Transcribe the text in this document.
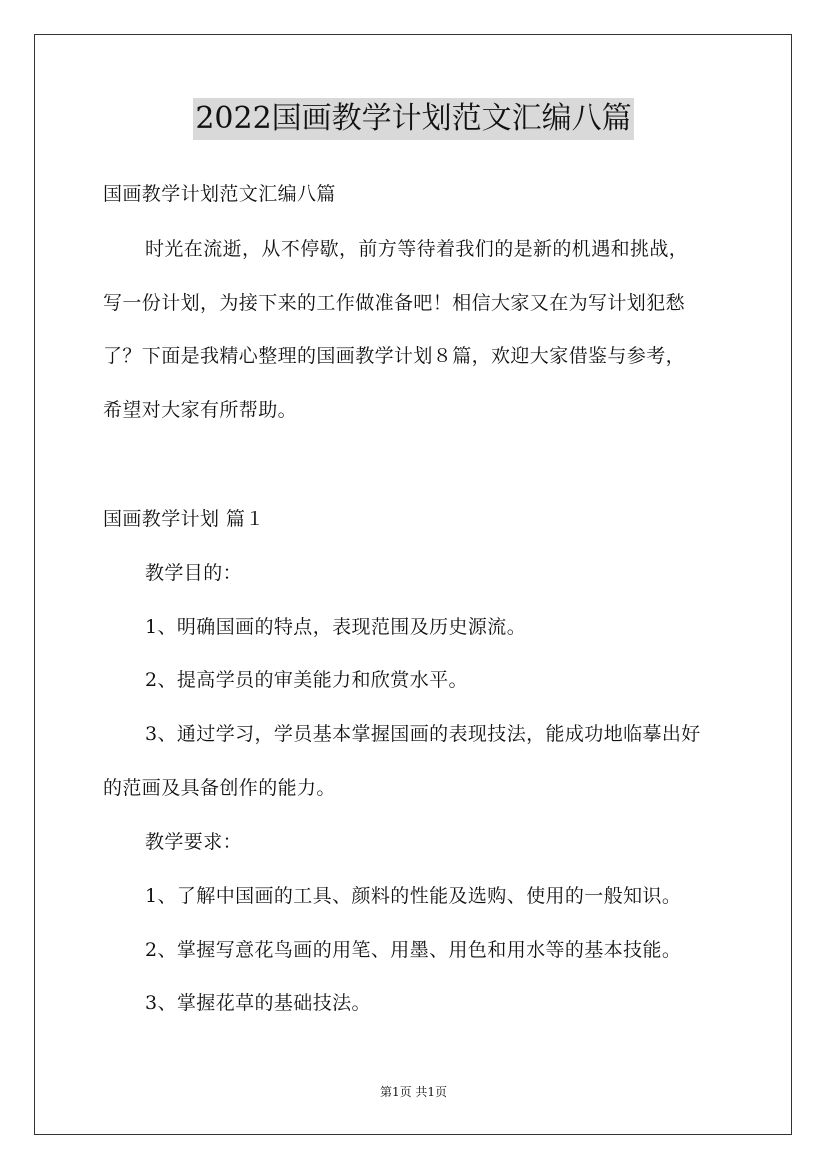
2022国画教学计划范文汇编八篇
国画教学计划范文汇编八篇
时光在流逝，从不停歇，前方等待着我们的是新的机遇和挑战，
写一份计划，为接下来的工作做准备吧！相信大家又在为写计划犯愁
了？下面是我精心整理的国画教学计划８篇，欢迎大家借鉴与参考，
希望对大家有所帮助。
国画教学计划 篇１
教学目的：
1、明确国画的特点，表现范围及历史源流。
2、提高学员的审美能力和欣赏水平。
3、通过学习，学员基本掌握国画的表现技法，能成功地临摹出好
的范画及具备创作的能力。
教学要求：
1、了解中国画的工具、颜料的性能及选购、使用的一般知识。
2、掌握写意花鸟画的用笔、用墨、用色和用水等的基本技能。
3、掌握花草的基础技法。
第1页 共1页
